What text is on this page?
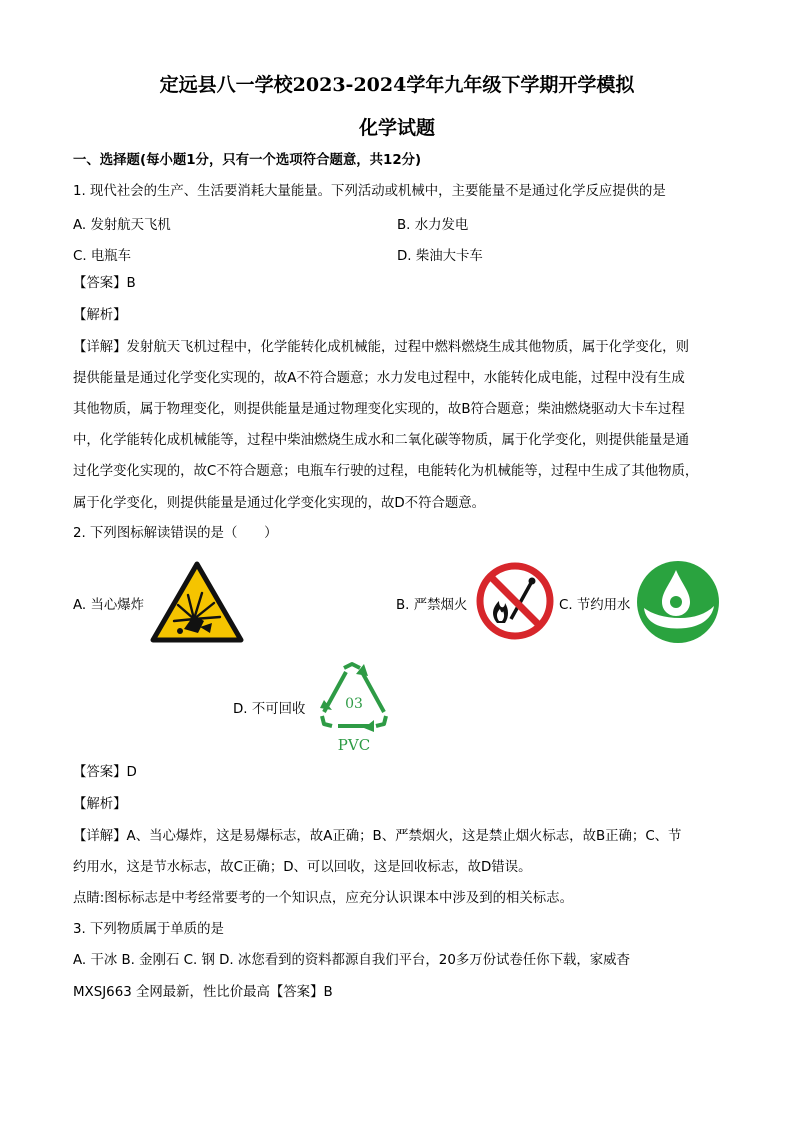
定远县八一学校2023-2024学年九年级下学期开学模拟
化学试题
一、选择题(每小题1分，只有一个选项符合题意，共12分)
1. 现代社会的生产、生活要消耗大量能量。下列活动或机械中，主要能量不是通过化学反应提供的是
A. 发射航天飞机	B. 水力发电
C. 电瓶车	D. 柴油大卡车
【答案】B
【解析】
【详解】发射航天飞机过程中，化学能转化成机械能，过程中燃料燃烧生成其他物质，属于化学变化，则
提供能量是通过化学变化实现的，故A不符合题意；水力发电过程中，水能转化成电能，过程中没有生成
其他物质，属于物理变化，则提供能量是通过物理变化实现的，故B符合题意；柴油燃烧驱动大卡车过程
中，化学能转化成机械能等，过程中柴油燃烧生成水和二氧化碳等物质，属于化学变化，则提供能量是通
过化学变化实现的，故C不符合题意；电瓶车行驶的过程，电能转化为机械能等，过程中生成了其他物质，
属于化学变化，则提供能量是通过化学变化实现的，故D不符合题意。
2. 下列图标解读错误的是（　　）
A. 当心爆炸	B. 严禁烟火	C. 节约用水
D. 不可回收	03
PVC
【答案】D
【解析】
【详解】A、当心爆炸，这是易爆标志，故A正确；B、严禁烟火，这是禁止烟火标志，故B正确；C、节
约用水，这是节水标志，故C正确；D、可以回收，这是回收标志，故D错误。
点睛:图标标志是中考经常要考的一个知识点，应充分认识课本中涉及到的相关标志。
3. 下列物质属于单质的是
A. 干冰 B. 金刚石 C. 钢 D. 冰您看到的资料都源自我们平台，20多万份试卷任你下载，家威杳
MXSJ663 全网最新，性比价最高【答案】B
